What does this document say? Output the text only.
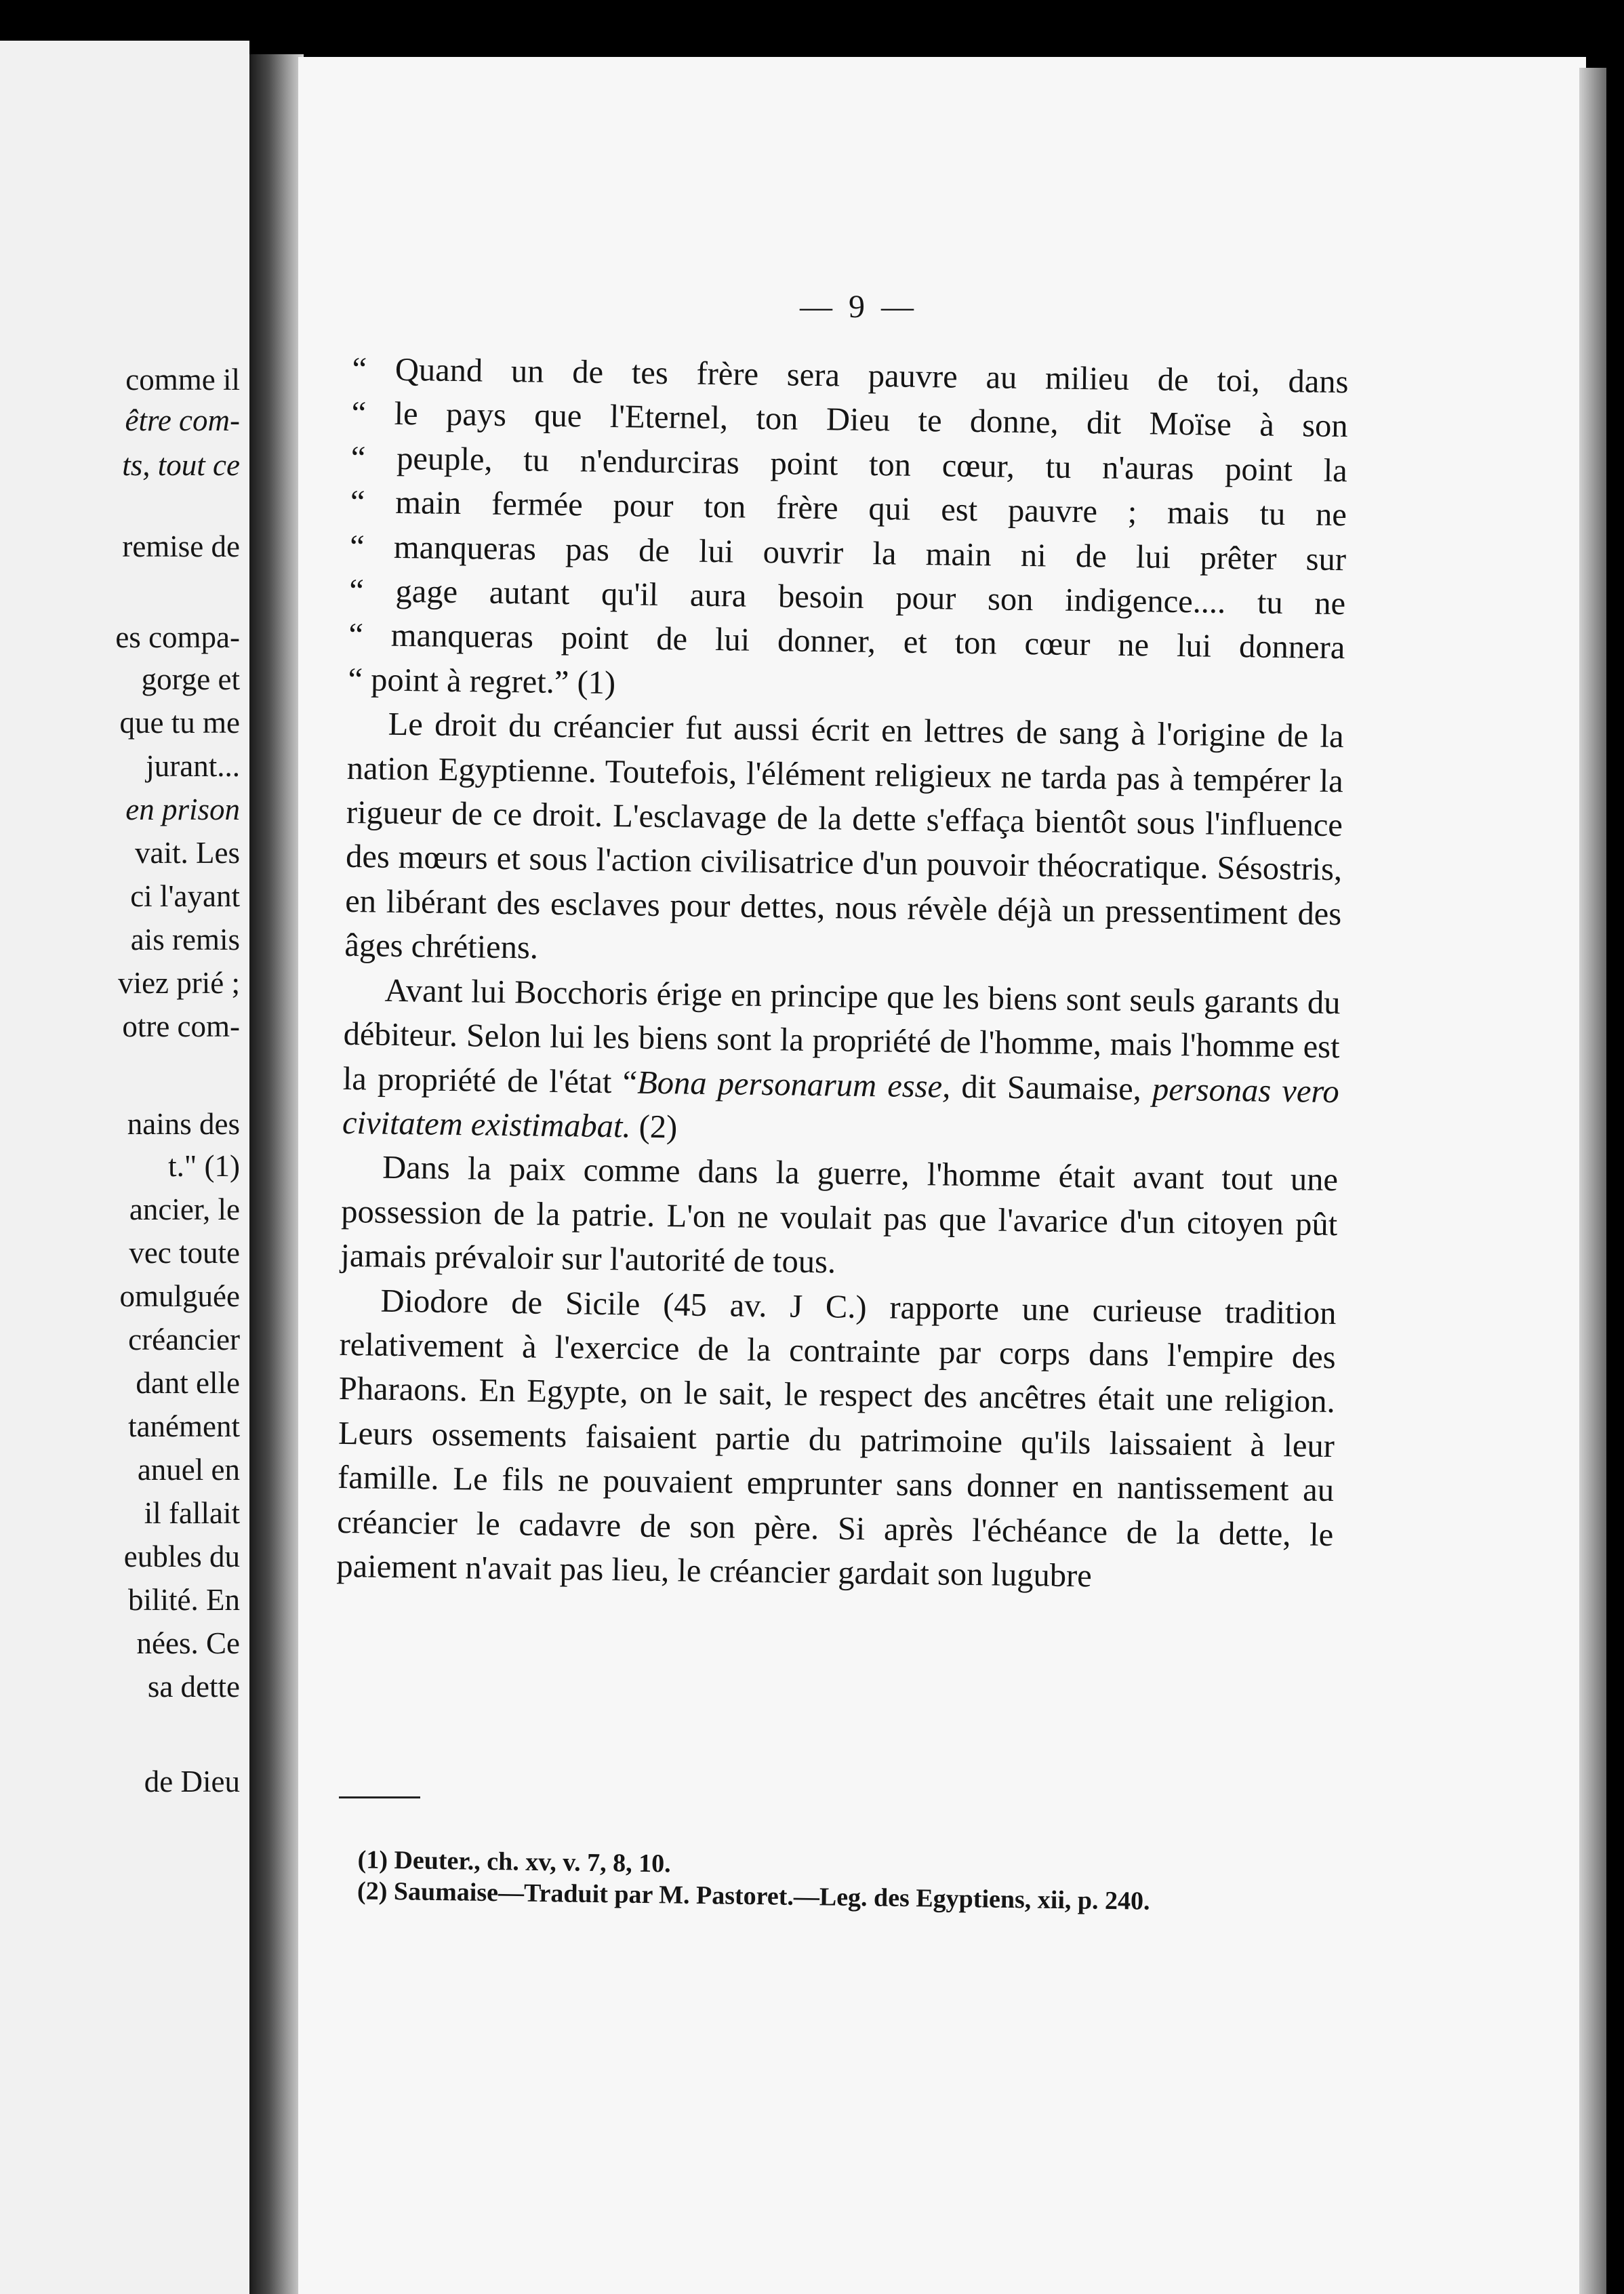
comme il
être com-
ts, tout ce
remise de
es compa-
gorge et
que tu me
jurant...
en prison
vait. Les
ci l'ayant
ais remis
viez prié ;
otre com-
nains des
t." (1)
ancier, le
vec toute
omulguée
créancier
dant elle
tanément
anuel en
il fallait
eubles du
bilité. En
nées. Ce
sa dette
de Dieu
— 9 —

“ Quand un de tes frère sera pauvre au milieu de toi, dans
“ le pays que l'Eternel, ton Dieu te donne, dit Moïse à son
“ peuple, tu n'endurciras point ton cœur, tu n'auras point la
“ main fermée pour ton frère qui est pauvre ; mais tu ne
“ manqueras pas de lui ouvrir la main ni de lui prêter sur
“ gage autant qu'il aura besoin pour son indigence.... tu ne
“ manqueras point de lui donner, et ton cœur ne lui donnera
“ point à regret.” (1)

Le droit du créancier fut aussi écrit en lettres de sang à l'origine de la nation Egyptienne. Toutefois, l'élément religieux ne tarda pas à tempérer la rigueur de ce droit. L'esclavage de la dette s'effaça bientôt sous l'influence des mœurs et sous l'action civilisatrice d'un pouvoir théocratique. Sésostris, en libérant des esclaves pour dettes, nous révèle déjà un pressentiment des âges chrétiens.

Avant lui Bocchoris érige en principe que les biens sont seuls garants du débiteur. Selon lui les biens sont la propriété de l'homme, mais l'homme est la propriété de l'état “Bona personarum esse, dit Saumaise, personas vero civitatem existimabat. (2)

Dans la paix comme dans la guerre, l'homme était avant tout une possession de la patrie. L'on ne voulait pas que l'avarice d'un citoyen pût jamais prévaloir sur l'autorité de tous.

Diodore de Sicile (45 av. J C.) rapporte une curieuse tradition relativement à l'exercice de la contrainte par corps dans l'empire des Pharaons. En Egypte, on le sait, le respect des ancêtres était une religion. Leurs ossements faisaient partie du patrimoine qu'ils laissaient à leur famille. Le fils ne pouvaient emprunter sans donner en nantissement au créancier le cadavre de son père. Si après l'échéance de la dette, le paiement n'avait pas lieu, le créancier gardait son lugubre

(1) Deuter., ch. xv, v. 7, 8, 10.
(2) Saumaise—Traduit par M. Pastoret.—Leg. des Egyptiens, xii, p. 240.
